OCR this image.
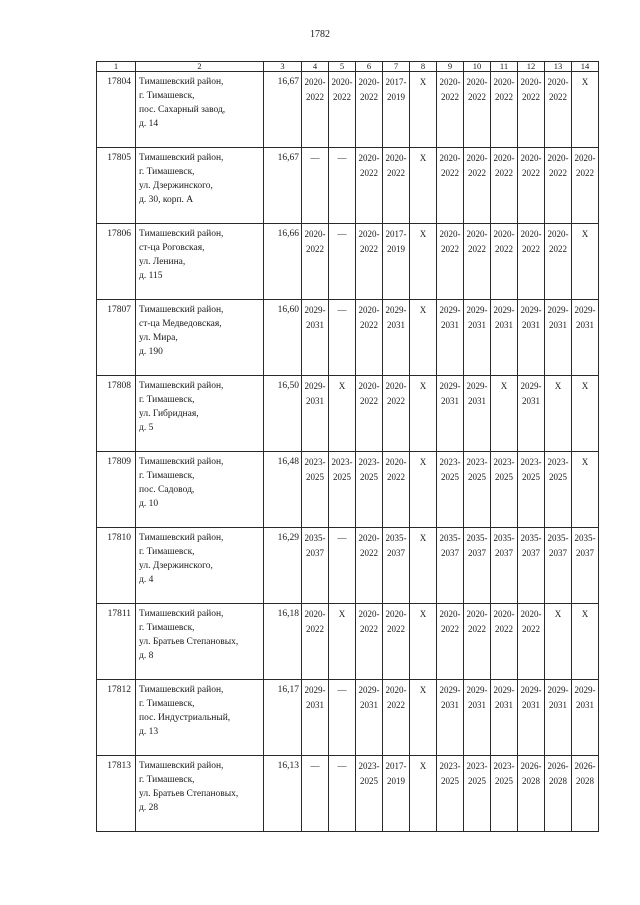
1782
1	2	3	4	5	6	7	8	9	10	11	12	13	14
17804	Тимашевский район,
г. Тимашевск,
пос. Сахарный завод,
д. 14	16,67	2020-
2022	2020-
2022	2020-
2022	2017-
2019	X	2020-
2022	2020-
2022	2020-
2022	2020-
2022	2020-
2022	X
17805	Тимашевский район,
г. Тимашевск,
ул. Дзержинского,
д. 30, корп. А	16,67	—	—	2020-
2022	2020-
2022	X	2020-
2022	2020-
2022	2020-
2022	2020-
2022	2020-
2022	2020-
2022
17806	Тимашевский район,
ст-ца Роговская,
ул. Ленина,
д. 115	16,66	2020-
2022	—	2020-
2022	2017-
2019	X	2020-
2022	2020-
2022	2020-
2022	2020-
2022	2020-
2022	X
17807	Тимашевский район,
ст-ца Медведовская,
ул. Мира,
д. 190	16,60	2029-
2031	—	2020-
2022	2029-
2031	X	2029-
2031	2029-
2031	2029-
2031	2029-
2031	2029-
2031	2029-
2031
17808	Тимашевский район,
г. Тимашевск,
ул. Гибридная,
д. 5	16,50	2029-
2031	X	2020-
2022	2020-
2022	X	2029-
2031	2029-
2031	X	2029-
2031	X	X
17809	Тимашевский район,
г. Тимашевск,
пос. Садовод,
д. 10	16,48	2023-
2025	2023-
2025	2023-
2025	2020-
2022	X	2023-
2025	2023-
2025	2023-
2025	2023-
2025	2023-
2025	X
17810	Тимашевский район,
г. Тимашевск,
ул. Дзержинского,
д. 4	16,29	2035-
2037	—	2020-
2022	2035-
2037	X	2035-
2037	2035-
2037	2035-
2037	2035-
2037	2035-
2037	2035-
2037
17811	Тимашевский район,
г. Тимашевск,
ул. Братьев Степановых,
д. 8	16,18	2020-
2022	X	2020-
2022	2020-
2022	X	2020-
2022	2020-
2022	2020-
2022	2020-
2022	X	X
17812	Тимашевский район,
г. Тимашевск,
пос. Индустриальный,
д. 13	16,17	2029-
2031	—	2029-
2031	2020-
2022	X	2029-
2031	2029-
2031	2029-
2031	2029-
2031	2029-
2031	2029-
2031
17813	Тимашевский район,
г. Тимашевск,
ул. Братьев Степановых,
д. 28	16,13	—	—	2023-
2025	2017-
2019	X	2023-
2025	2023-
2025	2023-
2025	2026-
2028	2026-
2028	2026-
2028
